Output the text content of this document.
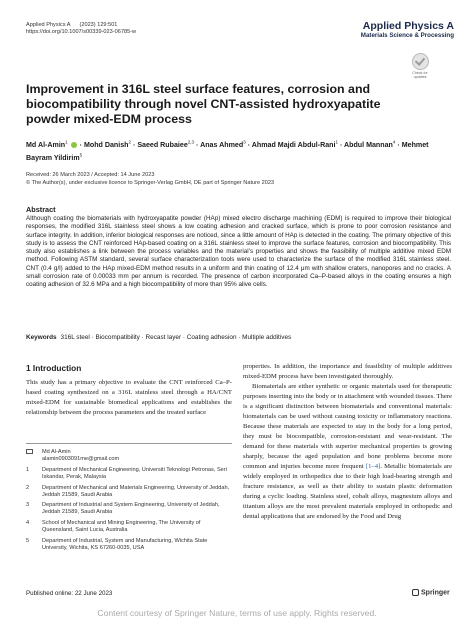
Applied Physics A      (2023) 129:501
https://doi.org/10.1007/s00339-023-06785-w
Applied Physics A
Materials Science & Processing
Check for updates
Improvement in 316L steel surface features, corrosion and biocompatibility through novel CNT-assisted hydroxyapatite powder mixed-EDM process
Md Al-Amin$^1$  · Mohd Danish$^2$ · Saeed Rubaiee$^{2,3}$ · Anas Ahmed$^3$ · Ahmad Majdi Abdul-Rani$^1$ · Abdul Mannan$^4$ · Mehmet Bayram Yildirim$^5$
Received: 26 March 2023 / Accepted: 14 June 2023
© The Author(s), under exclusive licence to Springer-Verlag GmbH, DE part of Springer Nature 2023
Abstract
Although coating the biomaterials with hydroxyapatite powder (HAp) mixed electro discharge machining (EDM) is required to improve their biological responses, the modified 316L stainless steel shows a low coating adhesion and cracked surface, which is prone to poor corrosion resistance and surface integrity. In addition, inferior biological responses are noticed, since a little amount of HAp is detected in the coating. The primary objective of this study is to assess the CNT reinforced HAp-based coating on a 316L stainless steel to improve the surface features, corrosion and biocompatibility. This study also establishes a link between the process variables and the material’s properties and shows the feasibility of multiple additive mixed EDM method. Following ASTM standard, several surface characterization tools were used to characterize the surface of the modified 316L stainless steel. CNT (0.4 g/l) added to the HAp mixed-EDM method results in a uniform and thin coating of 12.4 μm with shallow craters, nanopores and no cracks. A small corrosion rate of 0.00033 mm per annum is recorded. The presence of carbon incorporated Ca–P-based alloys in the coating ensures a high coating adhesion of 32.6 MPa and a high biocompatibility of more than 95% alive cells.
Keywords 316L steel · Biocompatibility · Recast layer · Coating adhesion · Multiple additives
1 Introduction
This study has a primary objective to evaluate the CNT reinforced Ca–P-based coating synthesized on a 316L stainless steel through a HA/CNT mixed-EDM for sustainable biomedical applications and establishes the relationship between the process parameters and the treated surface

properties. In addition, the importance and feasibility of multiple additives mixed-EDM process have been investigated thoroughly.

Biomaterials are either synthetic or organic materials used for therapeutic purposes inserting into the body or in attachment with wounded tissues. There is a significant distinction between biomaterials and conventional materials: biomaterials can be used without causing toxicity or inflammatory reactions. Because these materials are expected to stay in the body for a long period, they must be biocompatible, corrosion-resistant and wear-resistant. The demand for these materials with superior mechanical properties is growing sharply, because the aged population and bone problems become more common and injuries become more frequent [1–4]. Metallic biomaterials are widely employed in orthopedics due to their high load-bearing strength and fracture resistance, as well as their ability to sustain plastic deformation during a cyclic loading. Stainless steel, cobalt alloys, magnesium alloys and titanium alloys are the most prevalent materials employed in orthopedic and dental applications that are endorsed by the Food and Drug

Md Al-Amin
alamin0903091me@gmail.com
1	Department of Mechanical Engineering, Universiti Teknologi Petronas, Seri Iskandar, Perak, Malaysia
2	Department of Mechanical and Materials Engineering, University of Jeddah, Jeddah 21589, Saudi Arabia
3	Department of Industrial and System Engineering, University of Jeddah, Jeddah 21589, Saudi Arabia
4	School of Mechanical and Mining Engineering, The University of Queensland, Saint Lucia, Australia
5	Department of Industrial, System and Manufacturing, Wichita State University, Wichita, KS 67260-0035, USA
Published online: 22 June 2023	Springer
Content courtesy of Springer Nature, terms of use apply. Rights reserved.
